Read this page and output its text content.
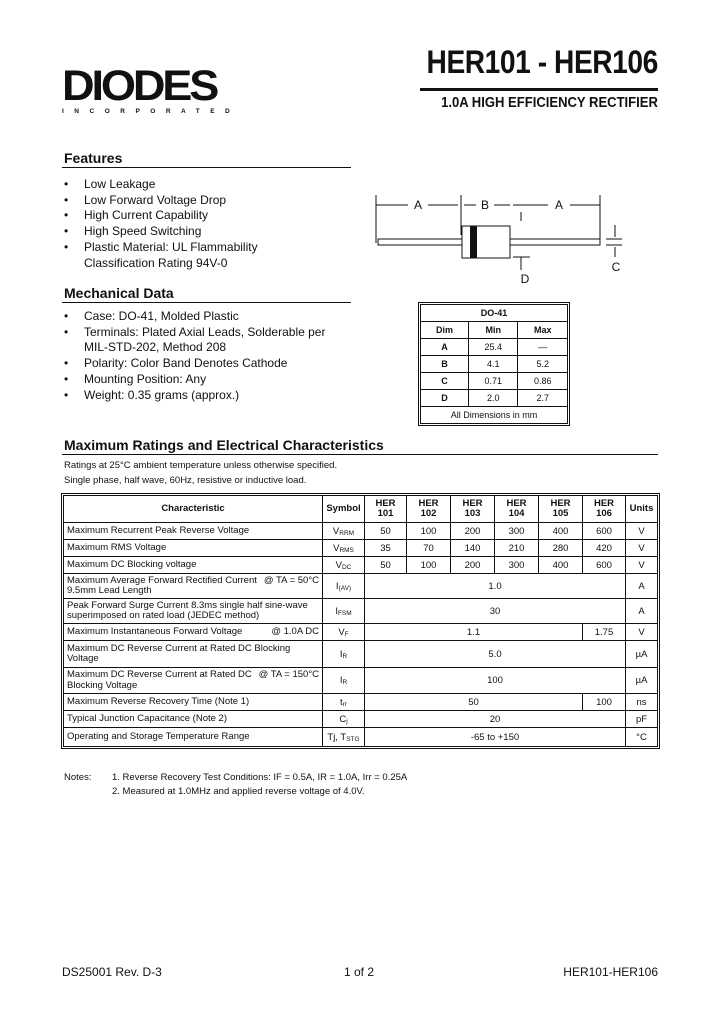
DIODES
INCORPORATED
HER101 - HER106
1.0A HIGH EFFICIENCY RECTIFIER
Features
• Low Leakage
• Low Forward Voltage Drop
• High Current Capability
• High Speed Switching
• Plastic Material: UL Flammability
Classification Rating 94V-0
Mechanical Data
• Case: DO-41, Molded Plastic
• Terminals: Plated Axial Leads, Solderable per
MIL-STD-202, Method 208
• Polarity: Color Band Denotes Cathode
• Mounting Position: Any
• Weight: 0.35 grams (approx.)
A	B	A
C
D
DO-41		
Dim	Min	Max
A	25.4	—
B	4.1	5.2
C	0.71	0.86
D	2.0	2.7
All Dimensions in mm		
Maximum Ratings and Electrical Characteristics
Ratings at 25°C ambient temperature unless otherwise specified.
Single phase, half wave, 60Hz, resistive or inductive load.
Characteristic	Symbol	HER 101	HER 102	HER 103	HER 104	HER 105	HER 106	Units
Maximum Recurrent Peak Reverse Voltage	$V_{RRM}$	50	100	200	300	400	600	V
Maximum RMS Voltage	$V_{RMS}$	35	70	140	210	280	420	V
Maximum DC Blocking voltage	$V_{DC}$	50	100	200	300	400	600	V

@ TA = 50°C
Maximum Average Forward Rectified Current 9.5mm Lead Length	$I_{(AV)}$	1.0						A
Peak Forward Surge Current 8.3ms single half sine-wave superimposed on rated load (JEDEC method)	$I_{FSM}$	30						A

@ 1.0A DC
Maximum Instantaneous Forward Voltage	$V_F$	1.1					1.75	V
Maximum DC Reverse Current at Rated DC Blocking Voltage	$I_R$	5.0						µA

@ TA = 150°C
Maximum DC Reverse Current at Rated DC Blocking Voltage	$I_R$	100						µA
Maximum Reverse Recovery Time (Note 1)	$t_{rr}$	50					100	ns
Typical Junction Capacitance (Note 2)	$C_j$	20						pF
Operating and Storage Temperature Range	Tj, $T_{STG}$	-65 to +150						°C
Notes: 1. Reverse Recovery Test Conditions: IF = 0.5A, IR = 1.0A, Irr = 0.25A
2. Measured at 1.0MHz and applied reverse voltage of 4.0V.
DS25001 Rev. D-3	1 of 2	HER101-HER106
